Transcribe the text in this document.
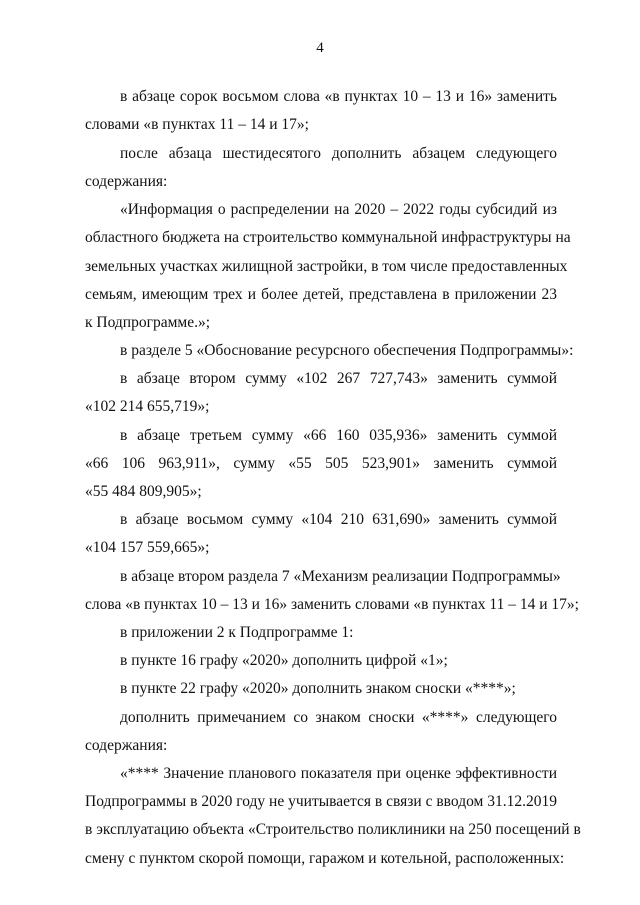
4

в абзаце сорок восьмом слова «в пунктах 10 – 13 и 16» заменить

словами «в пунктах 11 – 14 и 17»;

после абзаца шестидесятого дополнить абзацем следующего

содержания:

«Информация о распределении на 2020 – 2022 годы субсидий из

областного бюджета на строительство коммунальной инфраструктуры на

земельных участках жилищной застройки, в том числе предоставленных

семьям, имеющим трех и более детей, представлена в приложении 23

к Подпрограмме.»;

в разделе 5 «Обоснование ресурсного обеспечения Подпрограммы»:

в абзаце втором сумму «102 267 727,743» заменить суммой

«102 214 655,719»;

в абзаце третьем сумму «66 160 035,936» заменить суммой

«66 106 963,911», сумму «55 505 523,901» заменить суммой

«55 484 809,905»;

в абзаце восьмом сумму «104 210 631,690» заменить суммой

«104 157 559,665»;

в абзаце втором раздела 7 «Механизм реализации Подпрограммы»

слова «в пунктах 10 – 13 и 16» заменить словами «в пунктах 11 – 14 и 17»;

в приложении 2 к Подпрограмме 1:

в пункте 16 графу «2020» дополнить цифрой «1»;

в пункте 22 графу «2020» дополнить знаком сноски «****»;

дополнить примечанием со знаком сноски «****» следующего

содержания:

«**** Значение планового показателя при оценке эффективности

Подпрограммы в 2020 году не учитывается в связи с вводом 31.12.2019

в эксплуатацию объекта «Строительство поликлиники на 250 посещений в

смену с пунктом скорой помощи, гаражом и котельной, расположенных:
